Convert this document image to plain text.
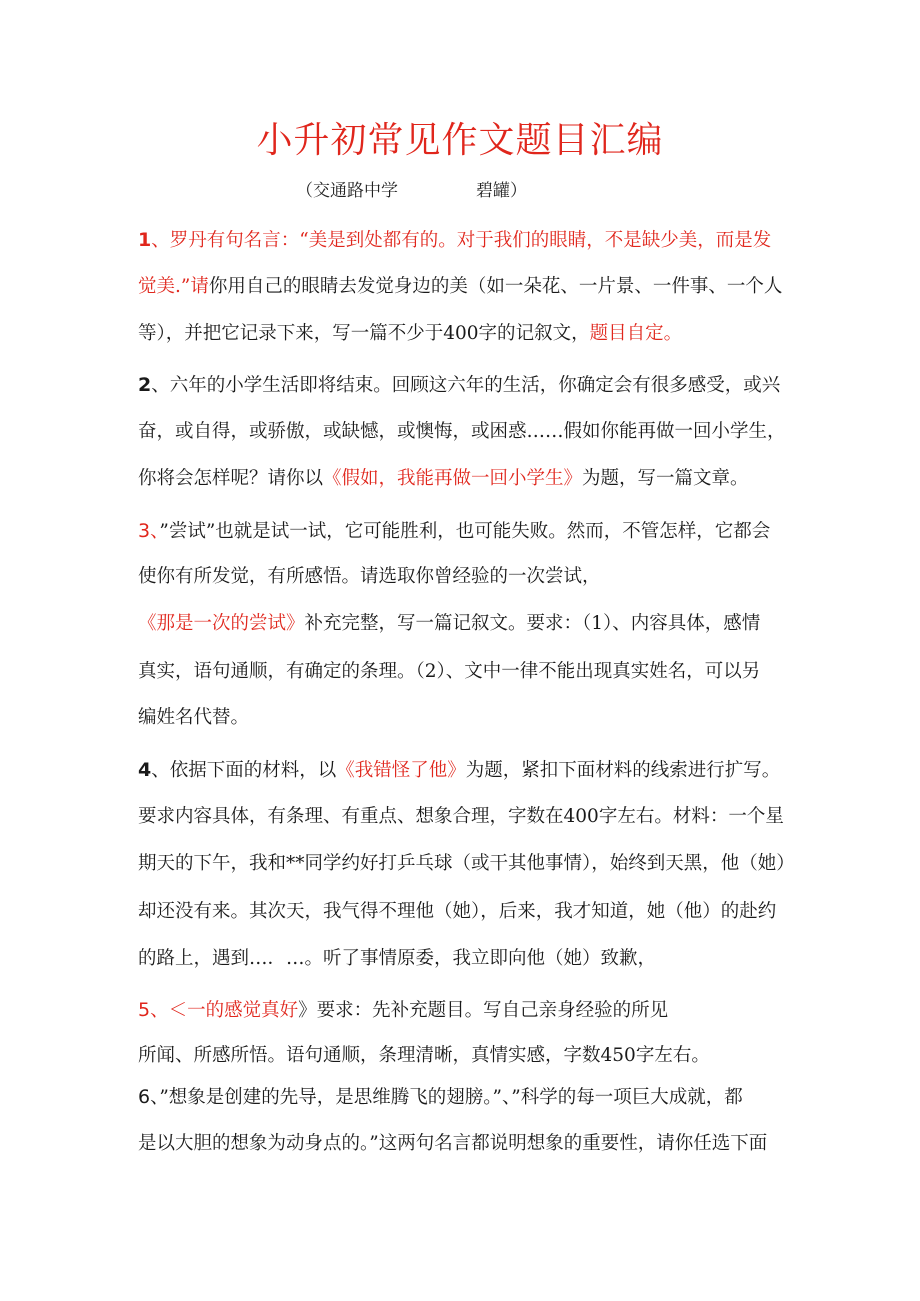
小升初常见作文题目汇编
（交通路中学	碧罐）
1、罗丹有句名言：“美是到处都有的。对于我们的眼睛，不是缺少美，而是发
觉美.”请你用自己的眼睛去发觉身边的美（如一朵花、一片景、一件事、一个人
等），并把它记录下来，写一篇不少于400字的记叙文，题目自定。
2、六年的小学生活即将结束。回顾这六年的生活，你确定会有很多感受，或兴
奋，或自得，或骄傲，或缺憾，或懊悔，或困惑……假如你能再做一回小学生，
你将会怎样呢？请你以《假如，我能再做一回小学生》为题，写一篇文章。
3、”尝试”也就是试一试，它可能胜利，也可能失败。然而，不管怎样，它都会
使你有所发觉，有所感悟。请选取你曾经验的一次尝试，
《那是一次的尝试》补充完整，写一篇记叙文。要求：（1）、内容具体，感情
真实，语句通顺，有确定的条理。（2）、文中一律不能出现真实姓名，可以另
编姓名代替。
4、依据下面的材料，以《我错怪了他》为题，紧扣下面材料的线索进行扩写。
要求内容具体，有条理、有重点、想象合理，字数在400字左右。材料：一个星
期天的下午，我和**同学约好打乒乓球（或干其他事情），始终到天黑，他（她）
却还没有来。其次天，我气得不理他（她），后来，我才知道，她（他）的赴约
的路上，遇到…．…。听了事情原委，我立即向他（她）致歉，
5、＜一的感觉真好》要求：先补充题目。写自己亲身经验的所见
所闻、所感所悟。语句通顺，条理清晰，真情实感，字数450字左右。
6、”想象是创建的先导，是思维腾飞的翅膀。”、”科学的每一项巨大成就，都
是以大胆的想象为动身点的。”这两句名言都说明想象的重要性，请你任选下面
